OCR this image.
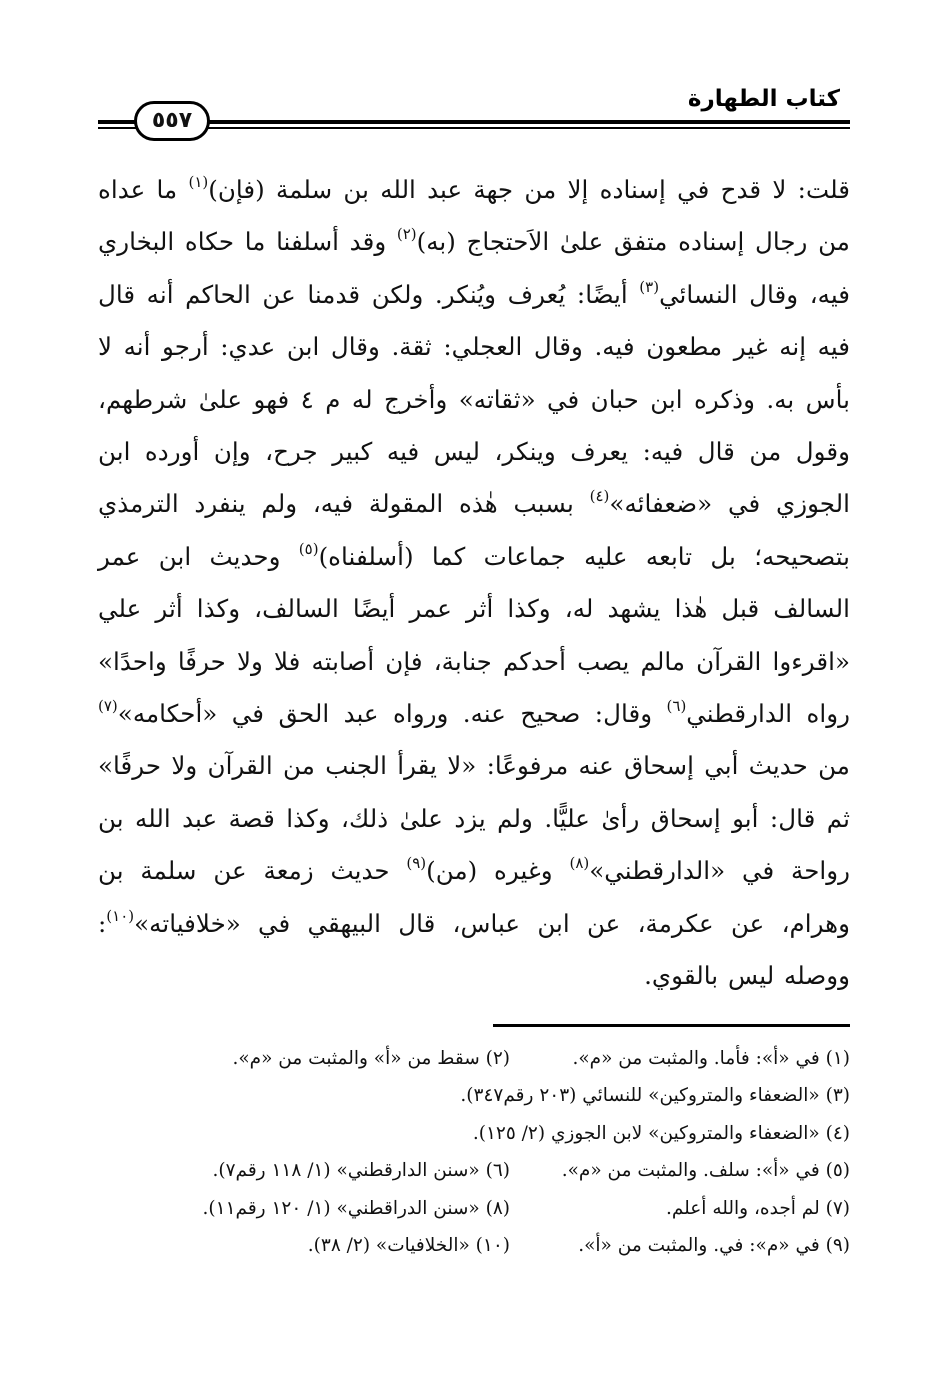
كتاب الطهارة
٥٥٧
قلت: لا قدح في إسناده إلا من جهة عبد الله بن سلمة (فإن)$^{(١)}$ ما عداه من رجال إسناده متفق علىٰ الاَحتجاج (به)$^{(٢)}$ وقد أسلفنا ما حكاه البخاري فيه، وقال النسائي$^{(٣)}$ أيضًا: يُعرف ويُنكر. ولكن قدمنا عن الحاكم أنه قال فيه إنه غير مطعون فيه. وقال العجلي: ثقة. وقال ابن عدي: أرجو أنه لا بأس به. وذكره ابن حبان في «ثقاته» وأخرج له م ٤ فهو علىٰ شرطهم، وقول من قال فيه: يعرف وينكر، ليس فيه كبير جرح، وإن أورده ابن الجوزي في «ضعفائه»$^{(٤)}$ بسبب هٰذه المقولة فيه، ولم ينفرد الترمذي بتصحيحه؛ بل تابعه عليه جماعات كما (أسلفناه)$^{(٥)}$ وحديث ابن عمر السالف قبل هٰذا يشهد له، وكذا أثر عمر أيضًا السالف، وكذا أثر علي «اقرءوا القرآن مالم يصب أحدكم جنابة، فإن أصابته فلا ولا حرفًا واحدًا» رواه الدارقطني$^{(٦)}$ وقال: صحيح عنه. ورواه عبد الحق في «أحكامه»$^{(٧)}$ من حديث أبي إسحاق عنه مرفوعًا: «لا يقرأ الجنب من القرآن ولا حرفًا» ثم قال: أبو إسحاق رأىٰ عليًّا. ولم يزد علىٰ ذلك، وكذا قصة عبد الله بن رواحة في «الدارقطني»$^{(٨)}$ وغيره (من)$^{(٩)}$ حديث زمعة عن سلمة بن وهرام، عن عكرمة، عن ابن عباس، قال البيهقي في «خلافياته»$^{(١٠)}$: ووصله ليس بالقوي.
(١) في «أ»: فأما. والمثبت من «م».
(٢) سقط من «أ» والمثبت من «م».
(٣) «الضعفاء والمتروكين» للنسائي (٢٠٣ رقم٣٤٧).
(٤) «الضعفاء والمتروكين» لابن الجوزي (٢/ ١٢٥).
(٥) في «أ»: سلف. والمثبت من «م».
(٦) «سنن الدارقطني» (١/ ١١٨ رقم٧).
(٧) لم أجده، والله أعلم.
(٨) «سنن الدراقطني» (١/ ١٢٠ رقم١١).
(٩) في «م»: في. والمثبت من «أ».
(١٠) «الخلافيات» (٢/ ٣٨).
